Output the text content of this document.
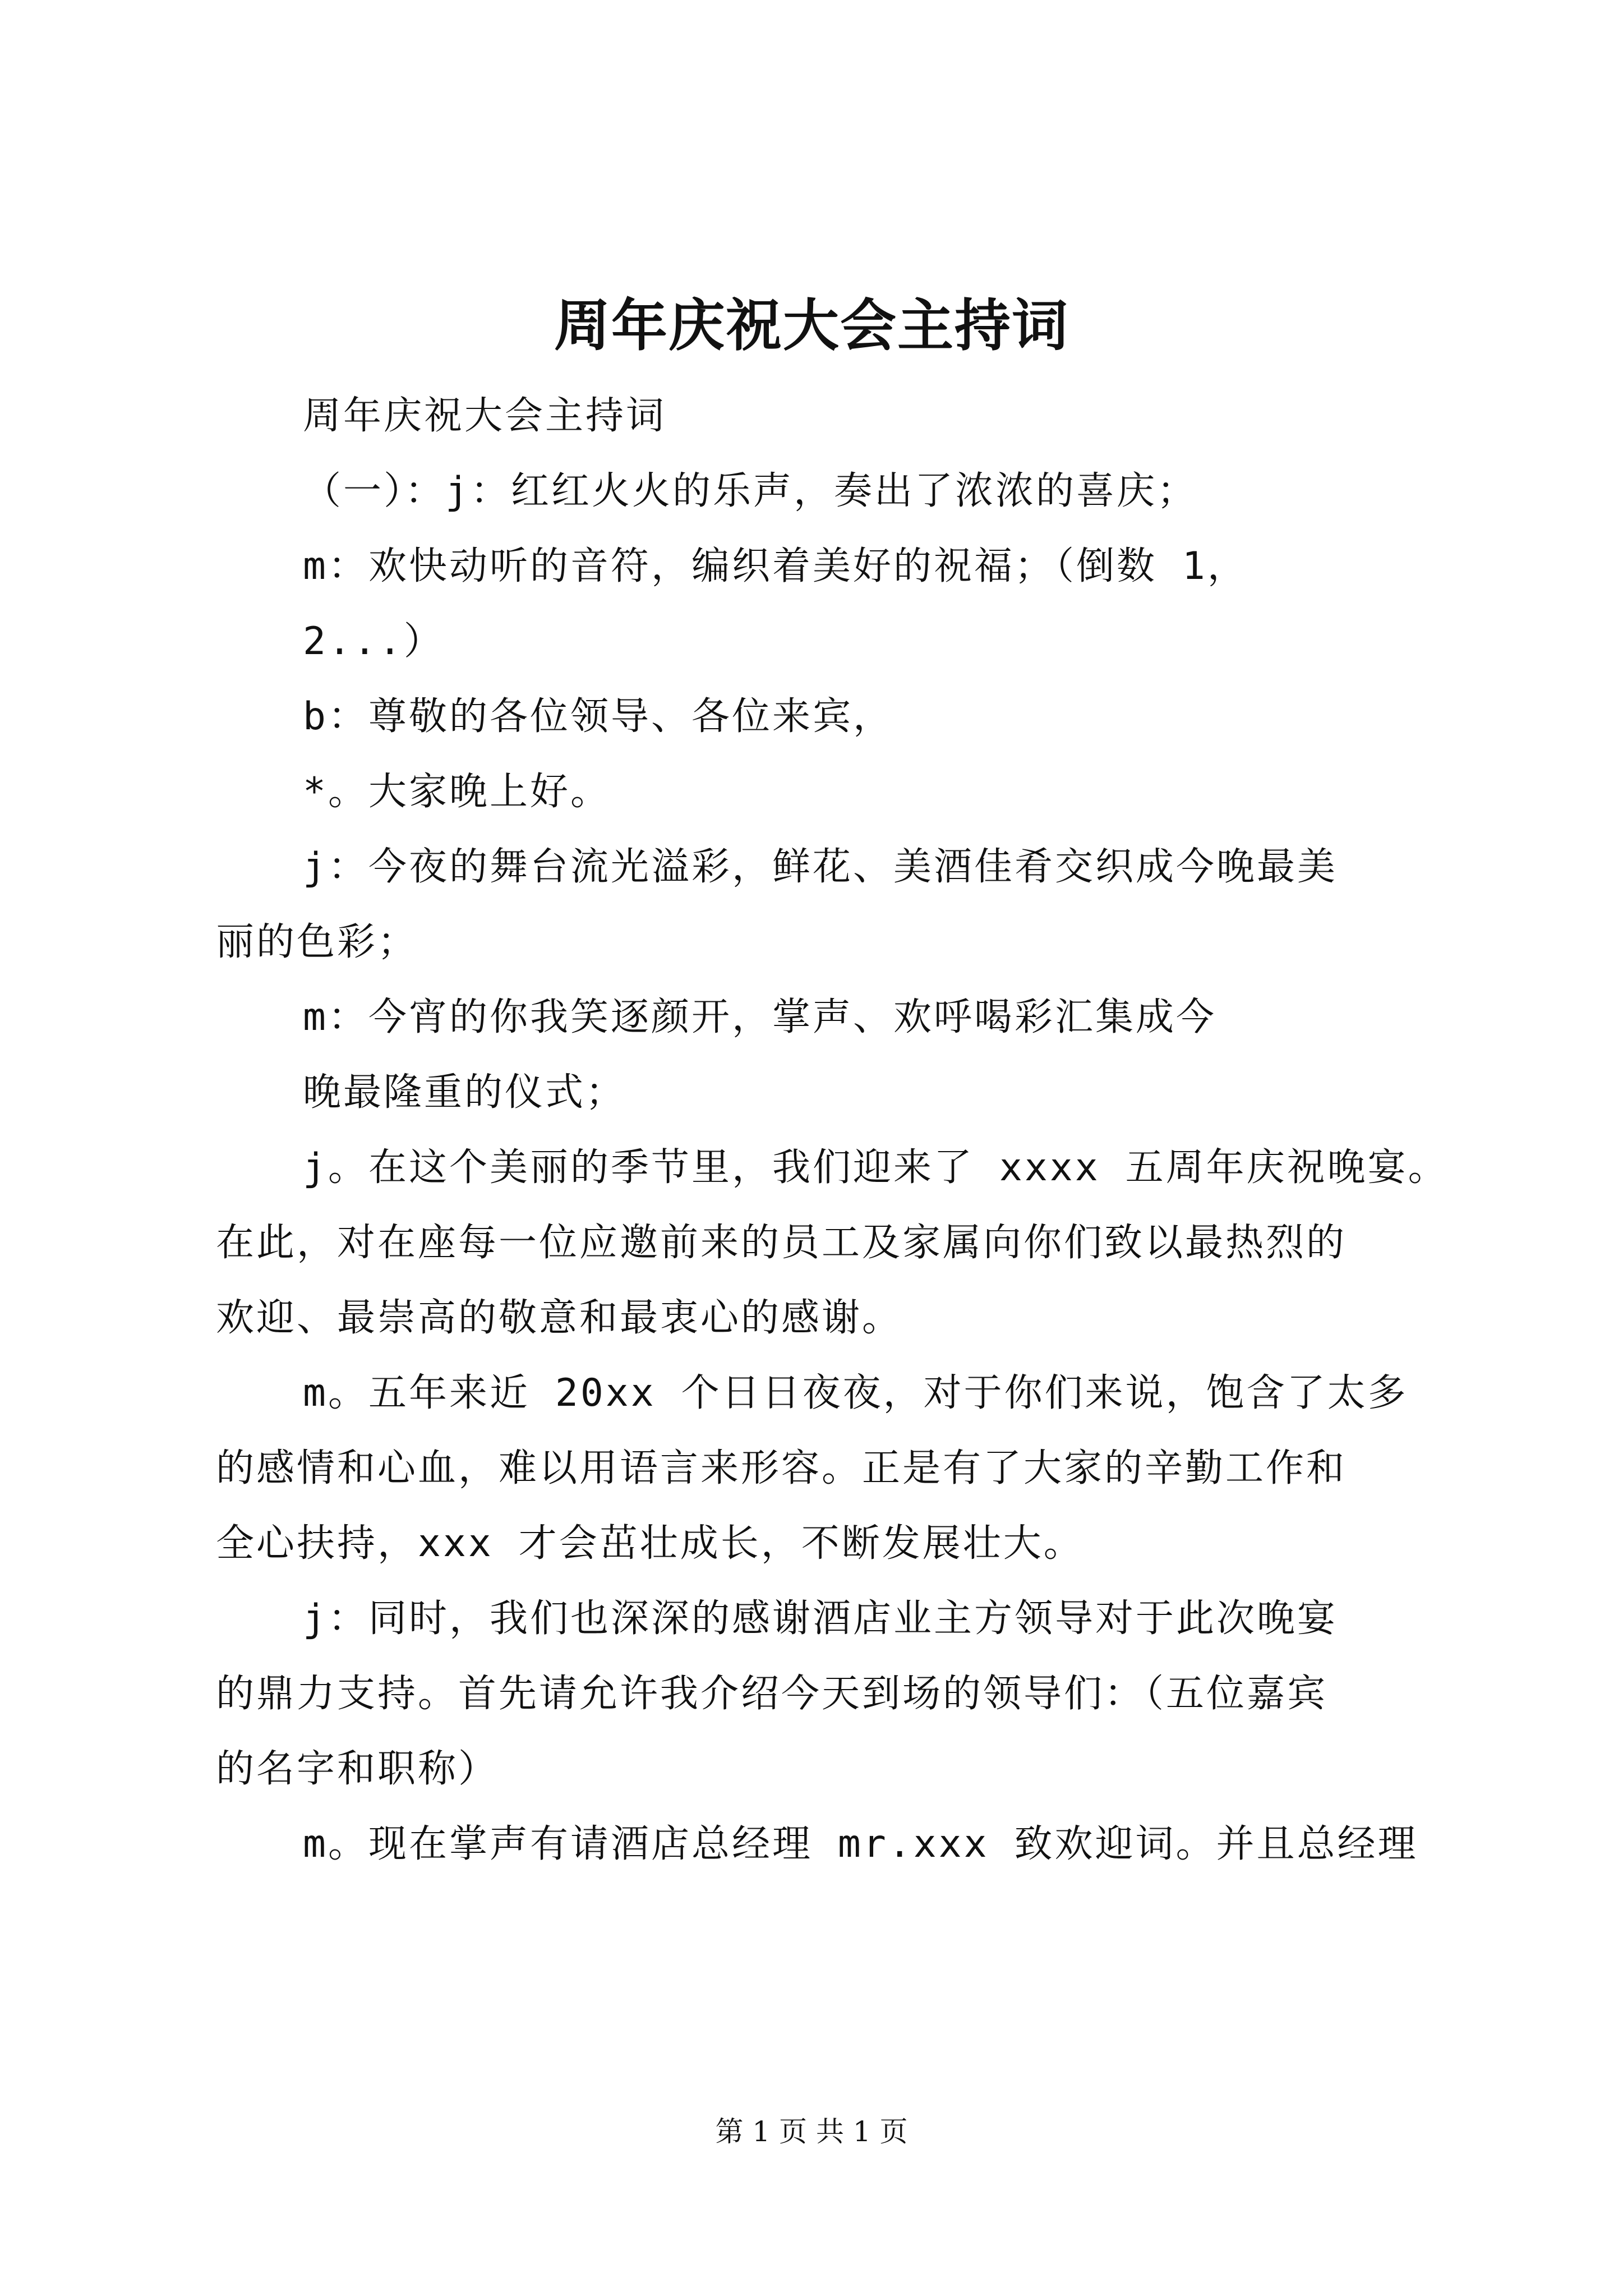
周年庆祝大会主持词

周年庆祝大会主持词

（一）：j：红红火火的乐声，奏出了浓浓的喜庆；

m：欢快动听的音符，编织着美好的祝福；（倒数 1，

2...）

b：尊敬的各位领导、各位来宾，

*。大家晚上好。

j：今夜的舞台流光溢彩，鲜花、美酒佳肴交织成今晚最美

丽的色彩；

m：今宵的你我笑逐颜开，掌声、欢呼喝彩汇集成今

晚最隆重的仪式；

j。在这个美丽的季节里，我们迎来了 xxxx 五周年庆祝晚宴。

在此，对在座每一位应邀前来的员工及家属向你们致以最热烈的

欢迎、最崇高的敬意和最衷心的感谢。

m。五年来近 20xx 个日日夜夜，对于你们来说，饱含了太多

的感情和心血，难以用语言来形容。正是有了大家的辛勤工作和

全心扶持，xxx 才会茁壮成长，不断发展壮大。

j：同时，我们也深深的感谢酒店业主方领导对于此次晚宴

的鼎力支持。首先请允许我介绍今天到场的领导们：（五位嘉宾

的名字和职称）

m。现在掌声有请酒店总经理 mr.xxx 致欢迎词。并且总经理

第 1 页 共 1 页
